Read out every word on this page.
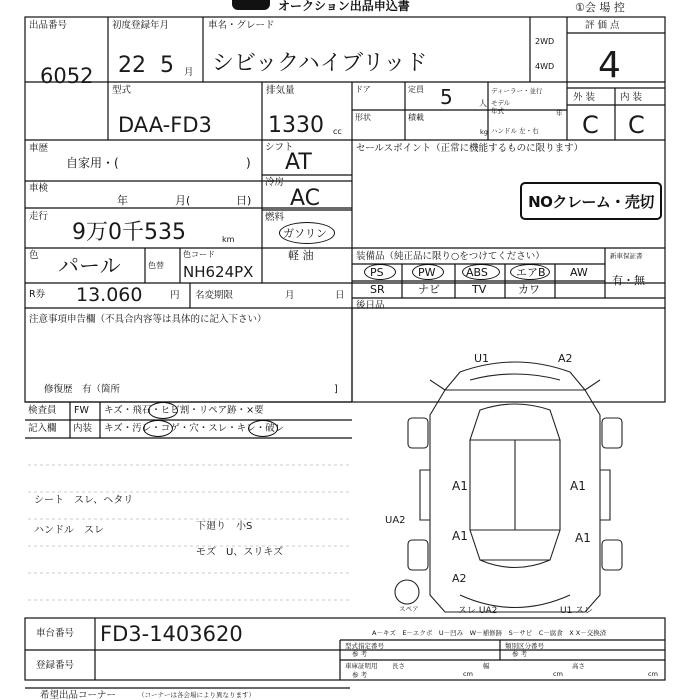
オークション出品申込書	①会 場 控
出品番号
6052
初度登録年月
22 5 月
車名・グレード
シビックハイブリッド
2WD
4WD
評 価 点
4
型式
DAA-FD3
排気量
1330 cc
ドア	定員 5	人
ディーラー・並行
モデル
年式	年
形状	積載
kg ハンドル 左・右
外 装	内 装
C C
車歴
自家用・(	)
車検
年	月(	日)
走行
9万0千535	km
シフト
AT
冷房
AC
燃料
ガソリン
軽 油
色 パール	色替
色コード
NH624PX
R券 13.060	円 名変期限	月	日
セールスポイント（正常に機能するものに限ります）
NOクレーム・売切
装備品（純正品に限り○をつけてください）	新車保証書
有・無
PS	PW	ABS	エアB AW
SR	ナビ	TV	カワ
後日品
注意事項申告欄（不具合内容等は具体的に記入下さい）
修復歴　有（箇所	]
検査員
記入欄
FW
内装
キズ・飛石・ヒビ割・リペア跡・×要
キズ・汚レ・コゲ・穴・スレ・キレ・破レ
シート　スレ、ヘタリ
ハンドル　スレ	下廻り　小S
モズ　U、スリキズ
U1	A2
A1	A1
A1	A1
UA2
A2
スペア	スレ UA2	U1 スレ
車台番号 FD3-1403620
登録番号
A－キズ　E－エクボ　U－凹み　W－補修跡　S－サビ　C－腐食　X X－交換済
型式指定番号
参 考
類別区分番号
参 考
車庫証明用
参 考
長さ	幅	高さ
cm	cm	cm
希望出品コーナー	（コーナーは各会場により異なります）
